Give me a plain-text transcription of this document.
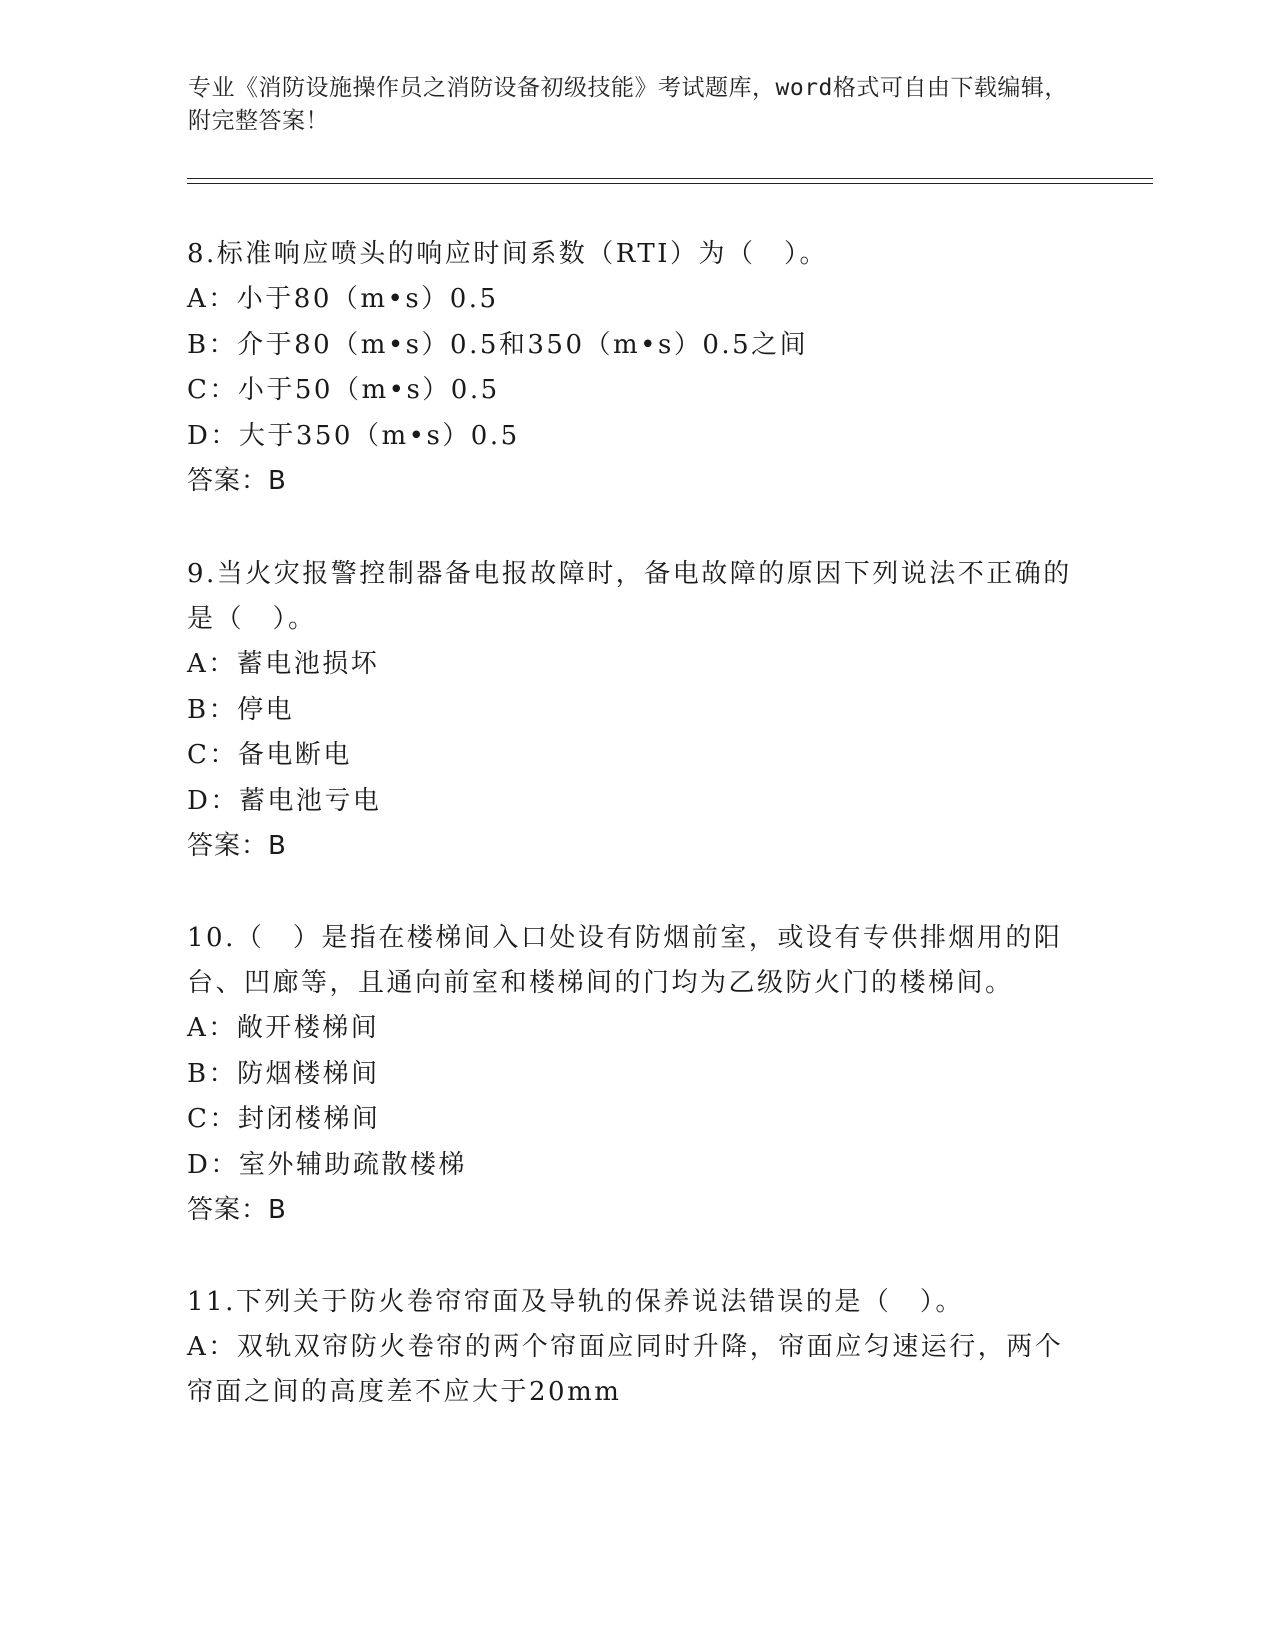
专业《消防设施操作员之消防设备初级技能》考试题库，word格式可自由下载编辑，附完整答案！

8.标准响应喷头的响应时间系数（RTI）为（　）。

A：小于80（m•s）0.5

B：介于80（m•s）0.5和350（m•s）0.5之间

C：小于50（m•s）0.5

D：大于350（m•s）0.5

答案：B

9.当火灾报警控制器备电报故障时，备电故障的原因下列说法不正确的是（　）。

A：蓄电池损坏

B：停电

C：备电断电

D：蓄电池亏电

答案：B

10.（　）是指在楼梯间入口处设有防烟前室，或设有专供排烟用的阳台、凹廊等，且通向前室和楼梯间的门均为乙级防火门的楼梯间。

A：敞开楼梯间

B：防烟楼梯间

C：封闭楼梯间

D：室外辅助疏散楼梯

答案：B

11.下列关于防火卷帘帘面及导轨的保养说法错误的是（　）。

A：双轨双帘防火卷帘的两个帘面应同时升降，帘面应匀速运行，两个帘面之间的高度差不应大于20mm
